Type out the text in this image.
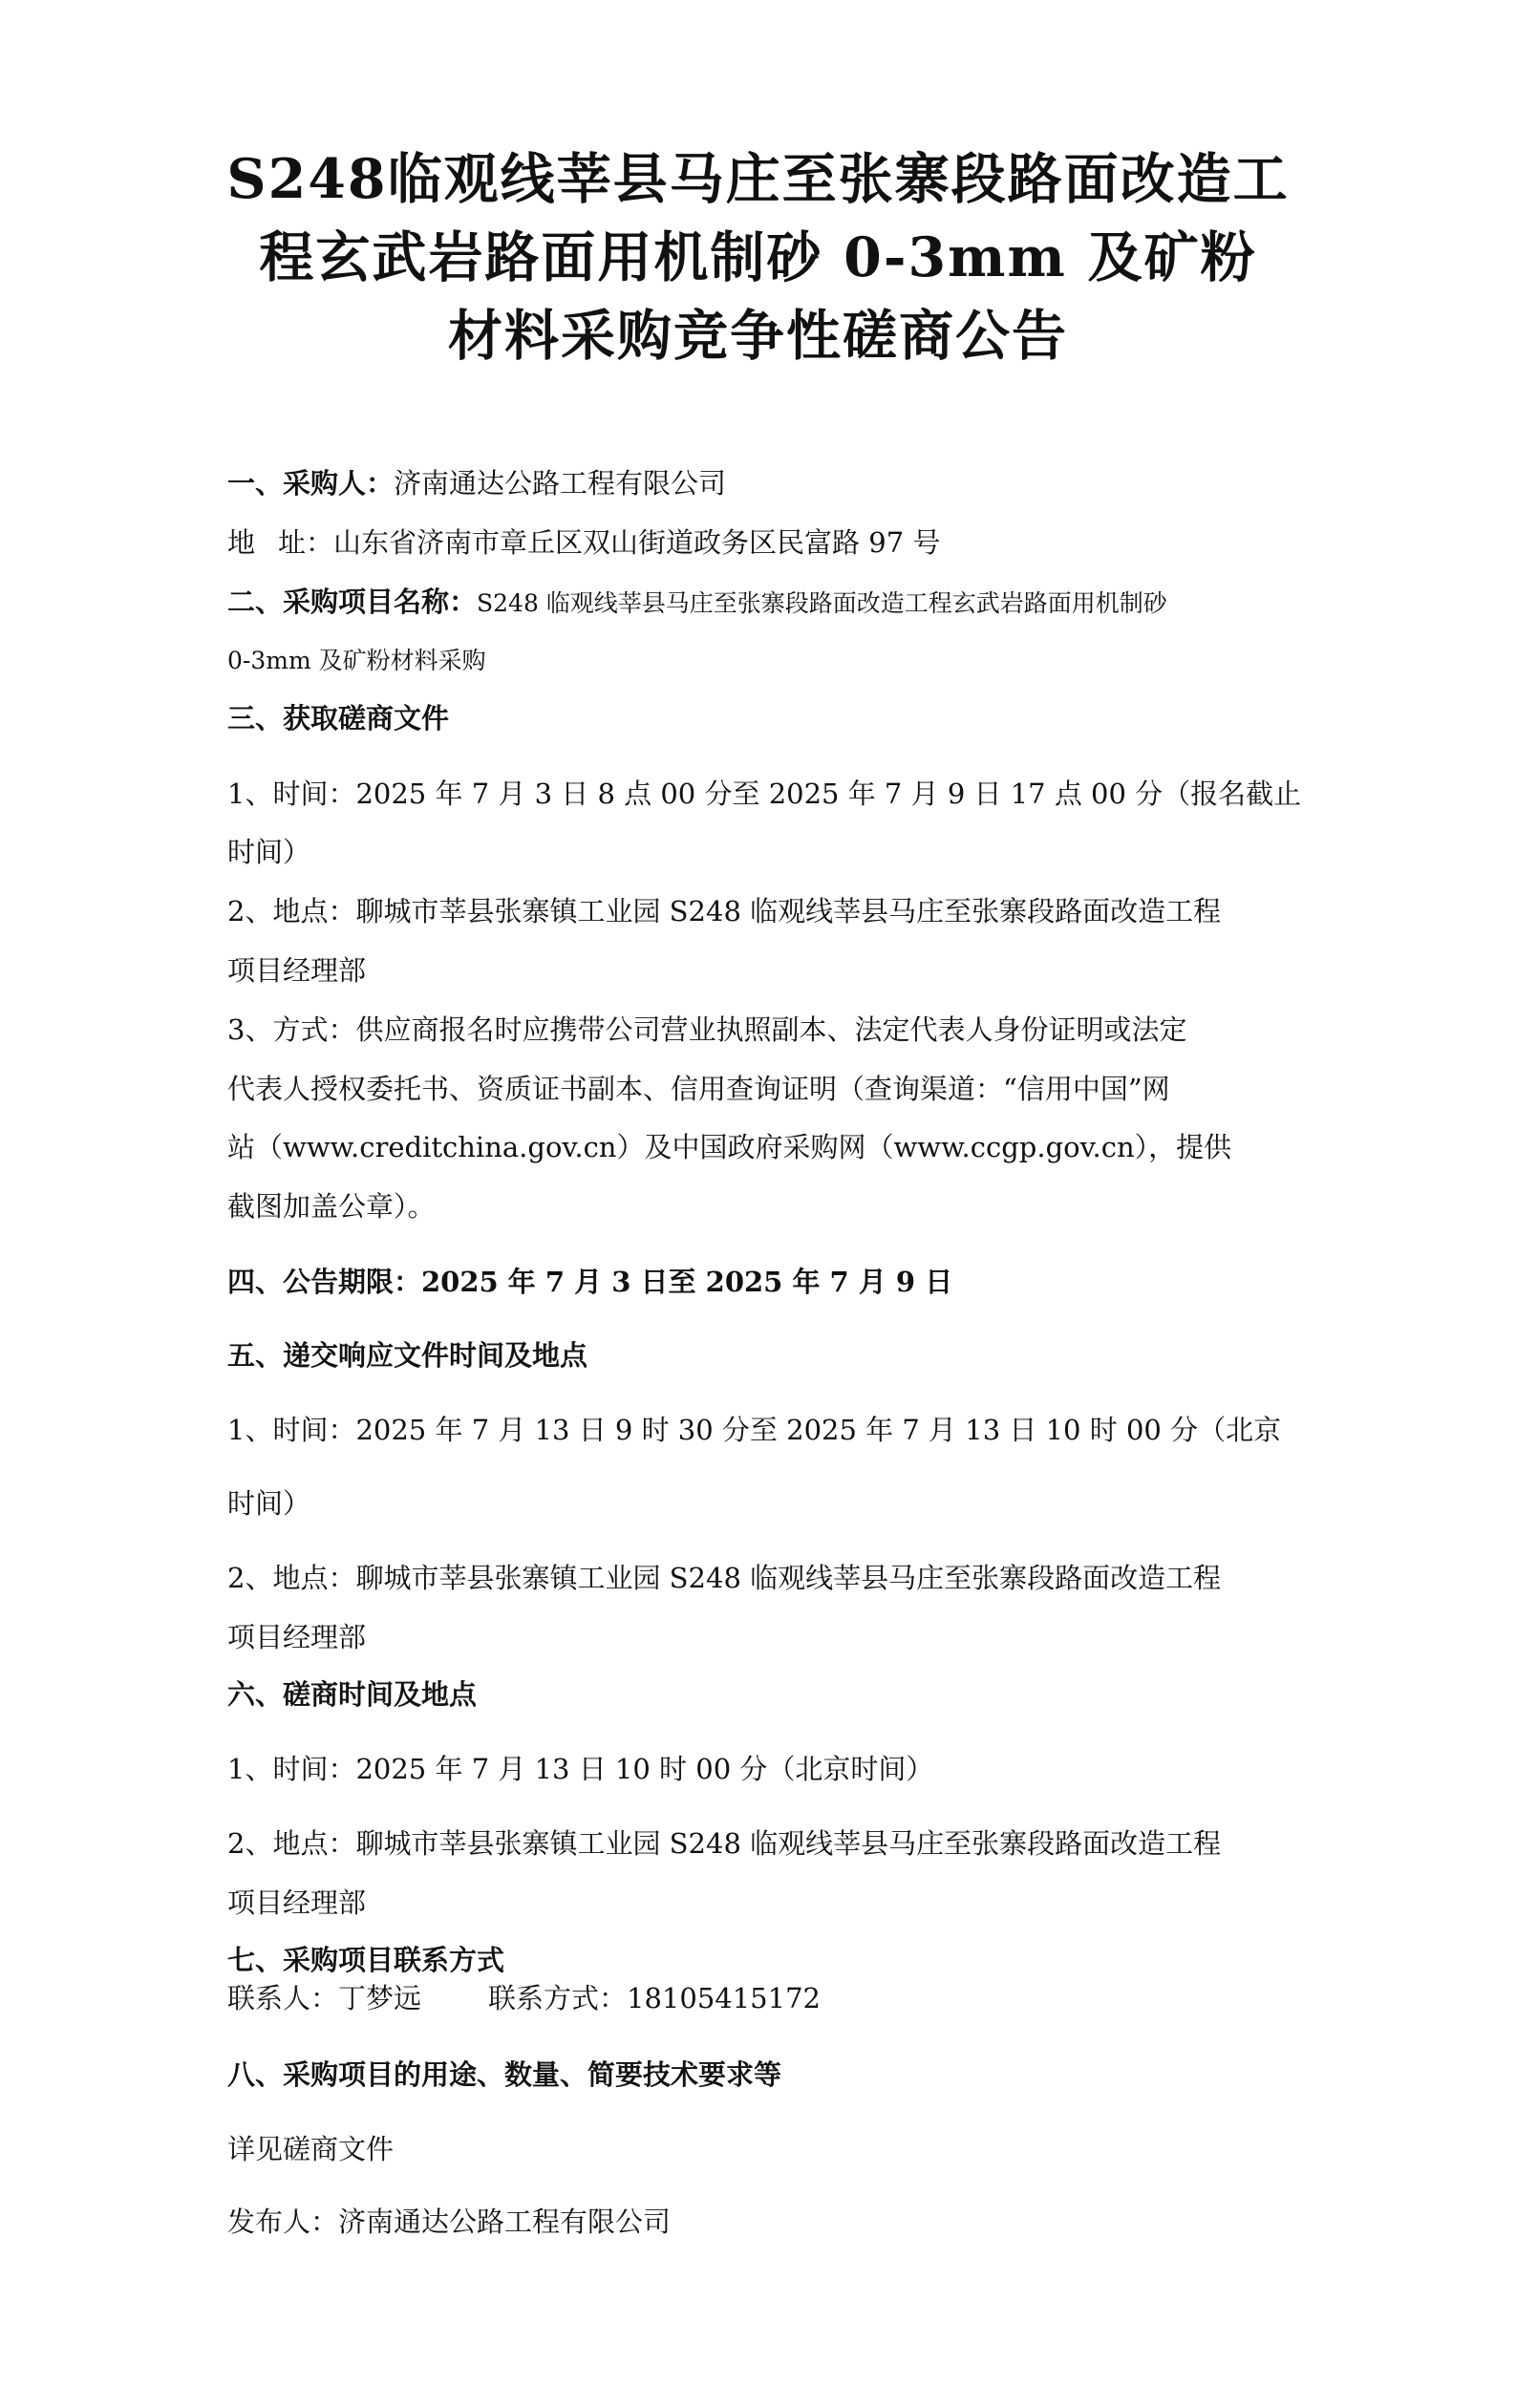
S248临观线莘县马庄至张寨段路面改造工
程玄武岩路面用机制砂 0-3mm 及矿粉
材料采购竞争性磋商公告
一、采购人：济南通达公路工程有限公司
地 址：山东省济南市章丘区双山街道政务区民富路 97 号
二、采购项目名称：S248 临观线莘县马庄至张寨段路面改造工程玄武岩路面用机制砂
0-3mm 及矿粉材料采购
三、获取磋商文件
1、时间：2025 年 7 月 3 日 8 点 00 分至 2025 年 7 月 9 日 17 点 00 分（报名截止
时间）
2、地点：聊城市莘县张寨镇工业园 S248 临观线莘县马庄至张寨段路面改造工程
项目经理部
3、方式：供应商报名时应携带公司营业执照副本、法定代表人身份证明或法定
代表人授权委托书、资质证书副本、信用查询证明（查询渠道：“信用中国”网
站（www.creditchina.gov.cn）及中国政府采购网（www.ccgp.gov.cn），提供
截图加盖公章）。
四、公告期限：2025 年 7 月 3 日至 2025 年 7 月 9 日
五、递交响应文件时间及地点
1、时间：2025 年 7 月 13 日 9 时 30 分至 2025 年 7 月 13 日 10 时 00 分（北京
时间）
2、地点：聊城市莘县张寨镇工业园 S248 临观线莘县马庄至张寨段路面改造工程
项目经理部
六、磋商时间及地点
1、时间：2025 年 7 月 13 日 10 时 00 分（北京时间）
2、地点：聊城市莘县张寨镇工业园 S248 临观线莘县马庄至张寨段路面改造工程
项目经理部
七、采购项目联系方式
联系人：丁梦远 联系方式：18105415172
八、采购项目的用途、数量、简要技术要求等
详见磋商文件
发布人：济南通达公路工程有限公司
